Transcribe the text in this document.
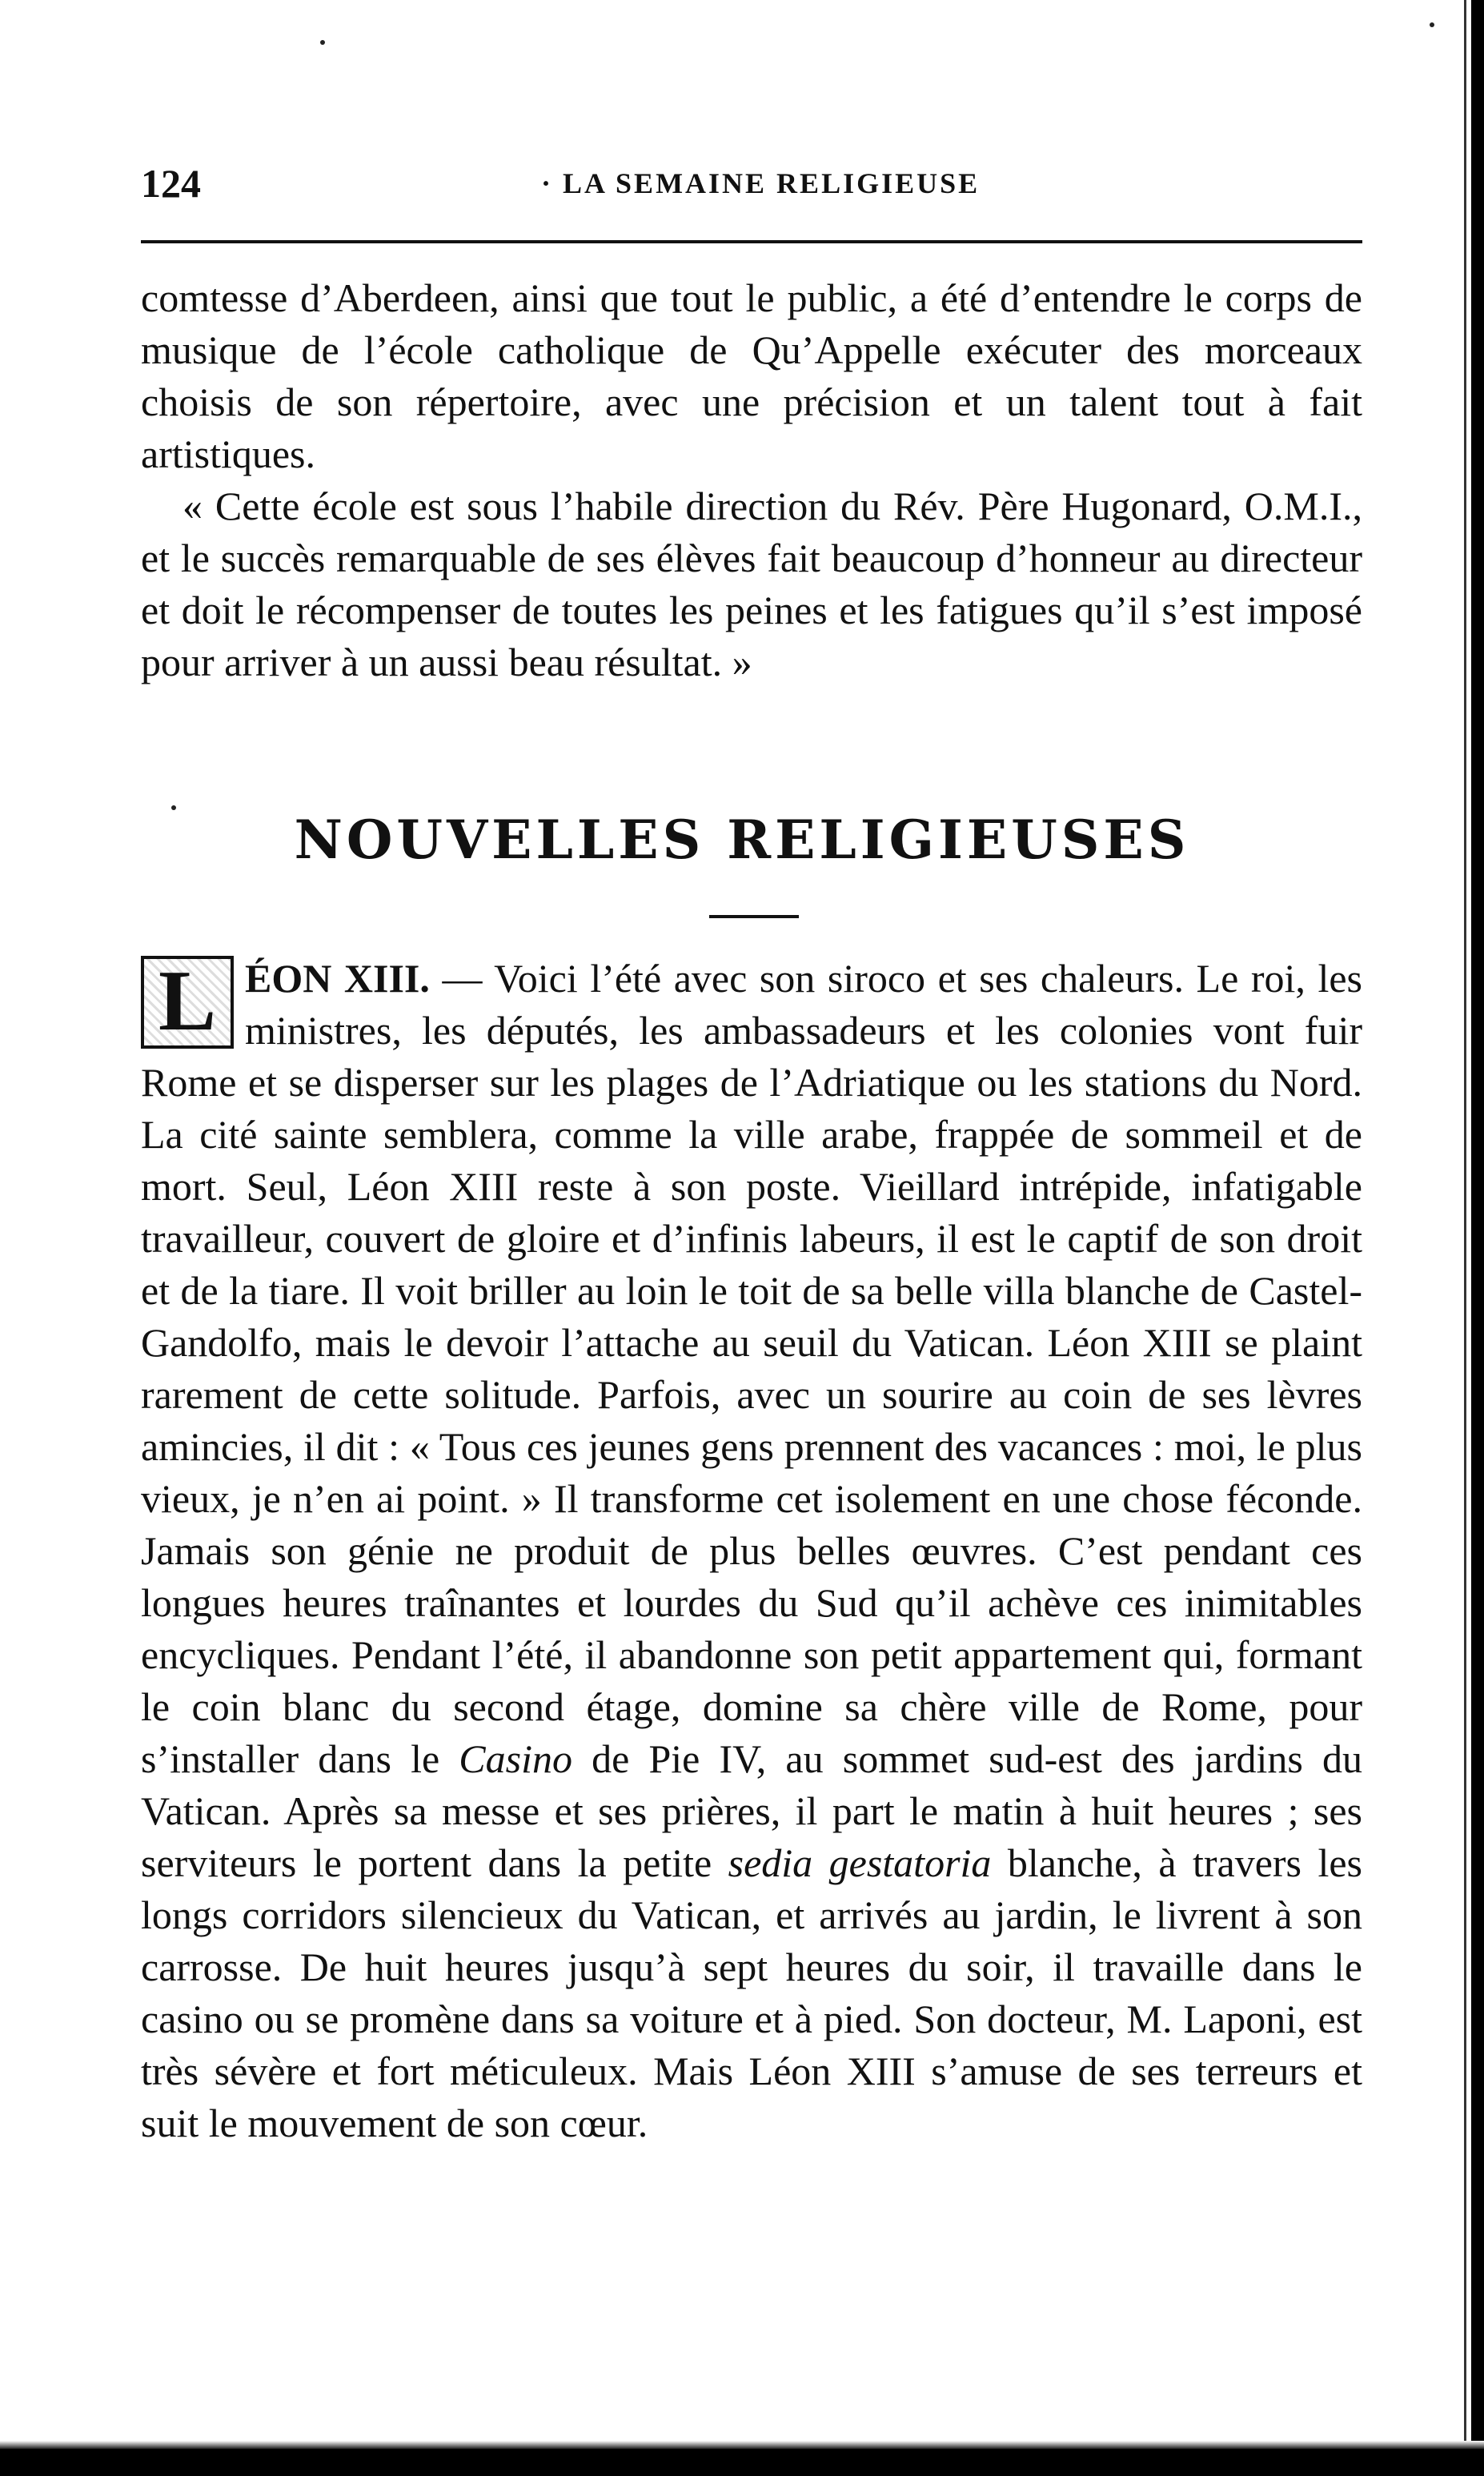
124	· LA SEMAINE RELIGIEUSE

comtesse d’Aberdeen, ainsi que tout le public, a été d’entendre le corps de musique de l’école catholique de Qu’Appelle exécuter des morceaux choisis de son répertoire, avec une précision et un talent tout à fait artistiques.

« Cette école est sous l’habile direction du Rév. Père Hugonard, O.M.I., et le succès remarquable de ses élèves fait beaucoup d’honneur au directeur et doit le récompenser de toutes les peines et les fatigues qu’il s’est imposé pour arriver à un aussi beau résultat. »

NOUVELLES RELIGIEUSES

L ÉON XIII. — Voici l’été avec son siroco et ses chaleurs. Le roi, les ministres, les députés, les ambassadeurs et les colonies vont fuir Rome et se disperser sur les plages de l’Adriatique ou les stations du Nord. La cité sainte semblera, comme la ville arabe, frappée de sommeil et de mort. Seul, Léon XIII reste à son poste. Vieillard intrépide, infatigable travailleur, couvert de gloire et d’infinis labeurs, il est le captif de son droit et de la tiare. Il voit briller au loin le toit de sa belle villa blanche de Castel-Gandolfo, mais le devoir l’attache au seuil du Vatican. Léon XIII se plaint rarement de cette solitude. Parfois, avec un sourire au coin de ses lèvres amincies, il dit : « Tous ces jeunes gens prennent des vacances : moi, le plus vieux, je n’en ai point. » Il transforme cet isolement en une chose féconde. Jamais son génie ne produit de plus belles œuvres. C’est pendant ces longues heures traînantes et lourdes du Sud qu’il achève ces inimitables encycliques. Pendant l’été, il abandonne son petit appartement qui, formant le coin blanc du second étage, domine sa chère ville de Rome, pour s’installer dans le Casino de Pie IV, au sommet sud-est des jardins du Vatican. Après sa messe et ses prières, il part le matin à huit heures ; ses serviteurs le portent dans la petite sedia gestatoria blanche, à travers les longs corridors silencieux du Vatican, et arrivés au jardin, le livrent à son carrosse. De huit heures jusqu’à sept heures du soir, il travaille dans le casino ou se promène dans sa voiture et à pied. Son docteur, M. Laponi, est très sévère et fort méticuleux. Mais Léon XIII s’amuse de ses terreurs et suit le mouvement de son cœur.
